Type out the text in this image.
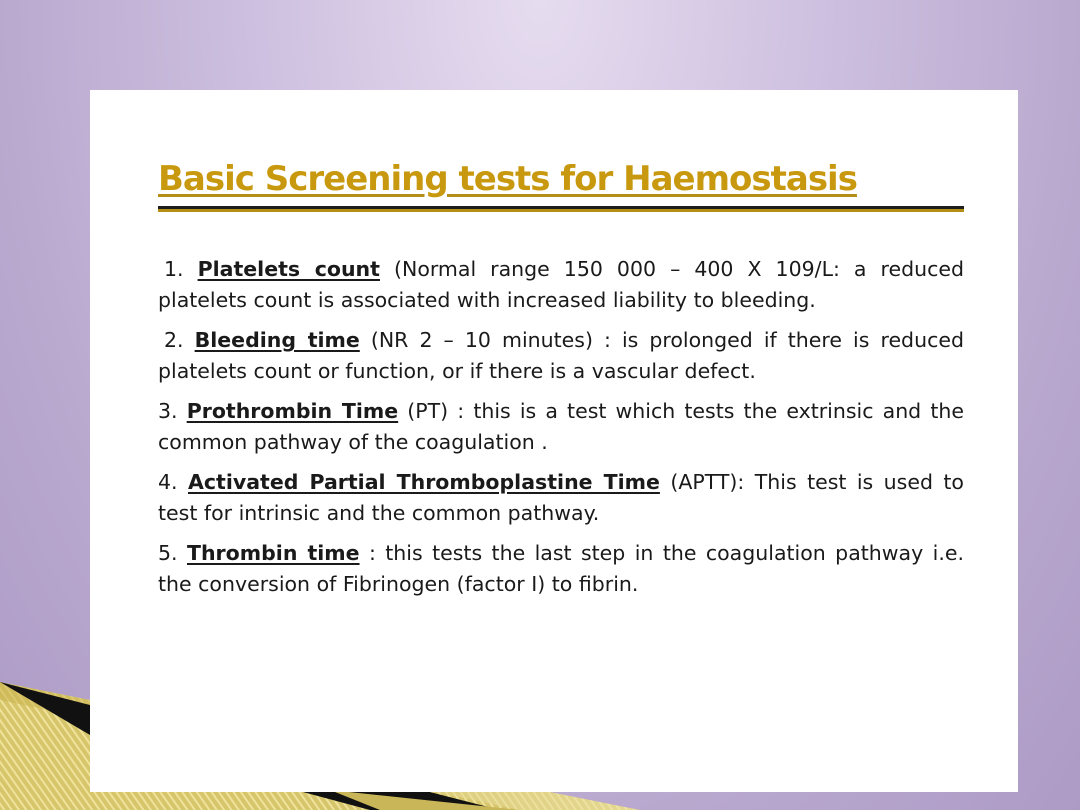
Basic Screening tests for Haemostasis

1. Platelets count (Normal range 150 000 – 400 X 109/L: a reduced platelets count is associated with increased liability to bleeding.

2. Bleeding time (NR 2 – 10 minutes) : is prolonged if there is reduced platelets count or function, or if there is a vascular defect.

3. Prothrombin Time (PT) : this is a test which tests the extrinsic and the common pathway of the coagulation .

4. Activated Partial Thromboplastine Time (APTT): This test is used to test for intrinsic and the common pathway.

5. Thrombin time : this tests the last step in the coagulation pathway i.e. the conversion of Fibrinogen (factor I) to fibrin.
